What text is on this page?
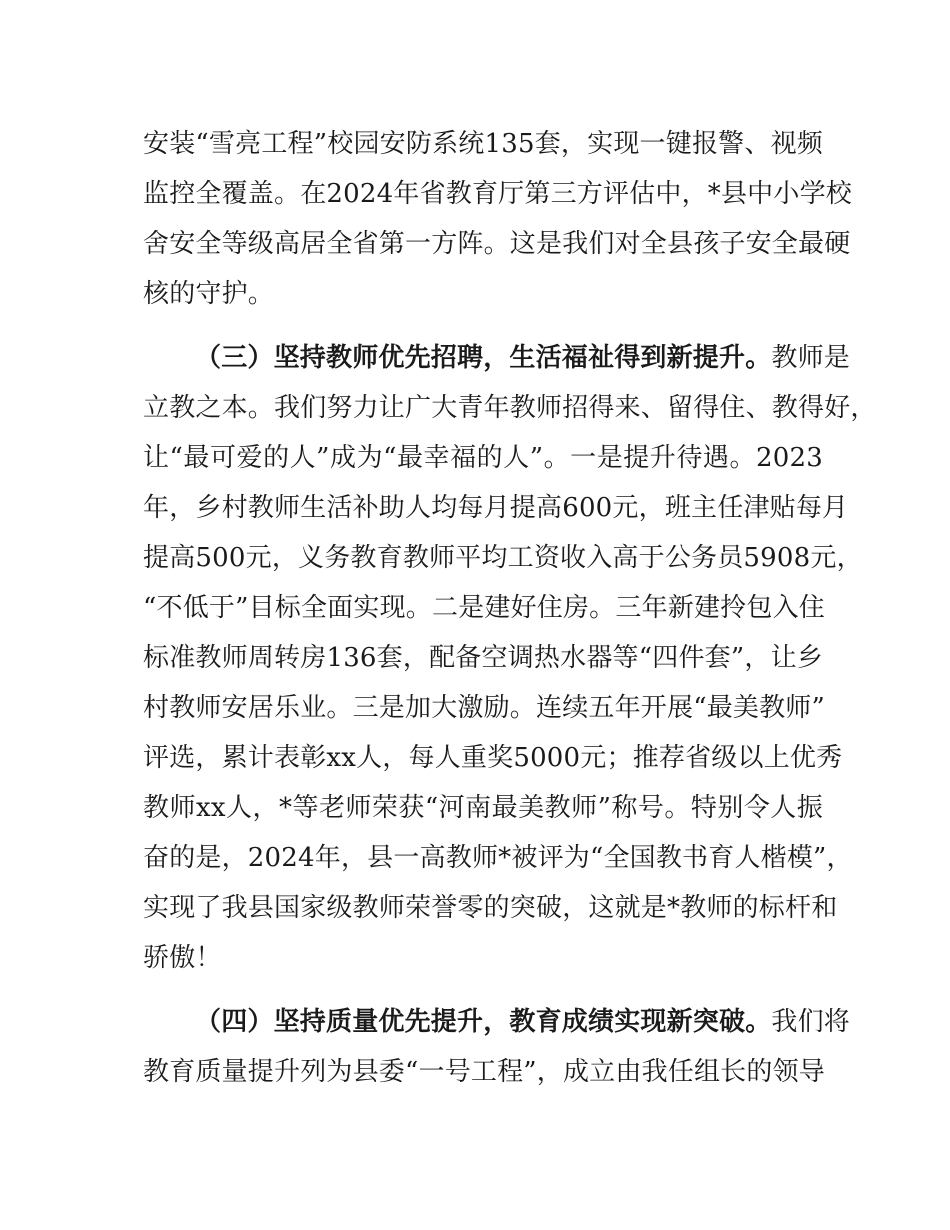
安装“雪亮工程”校园安防系统135套，实现一键报警、视频
监控全覆盖。在2024年省教育厅第三方评估中，*县中小学校
舍安全等级高居全省第一方阵。这是我们对全县孩子安全最硬
核的守护。
（三）坚持教师优先招聘，生活福祉得到新提升。教师是
立教之本。我们努力让广大青年教师招得来、留得住、教得好，
让“最可爱的人”成为“最幸福的人”。一是提升待遇。2023
年，乡村教师生活补助人均每月提高600元，班主任津贴每月
提高500元，义务教育教师平均工资收入高于公务员5908元，
“不低于”目标全面实现。二是建好住房。三年新建拎包入住
标准教师周转房136套，配备空调热水器等“四件套”，让乡
村教师安居乐业。三是加大激励。连续五年开展“最美教师”
评选，累计表彰xx人，每人重奖5000元；推荐省级以上优秀
教师xx人，*等老师荣获“河南最美教师”称号。特别令人振
奋的是，2024年，县一高教师*被评为“全国教书育人楷模”，
实现了我县国家级教师荣誉零的突破，这就是*教师的标杆和
骄傲！
（四）坚持质量优先提升，教育成绩实现新突破。我们将
教育质量提升列为县委“一号工程”，成立由我任组长的领导
